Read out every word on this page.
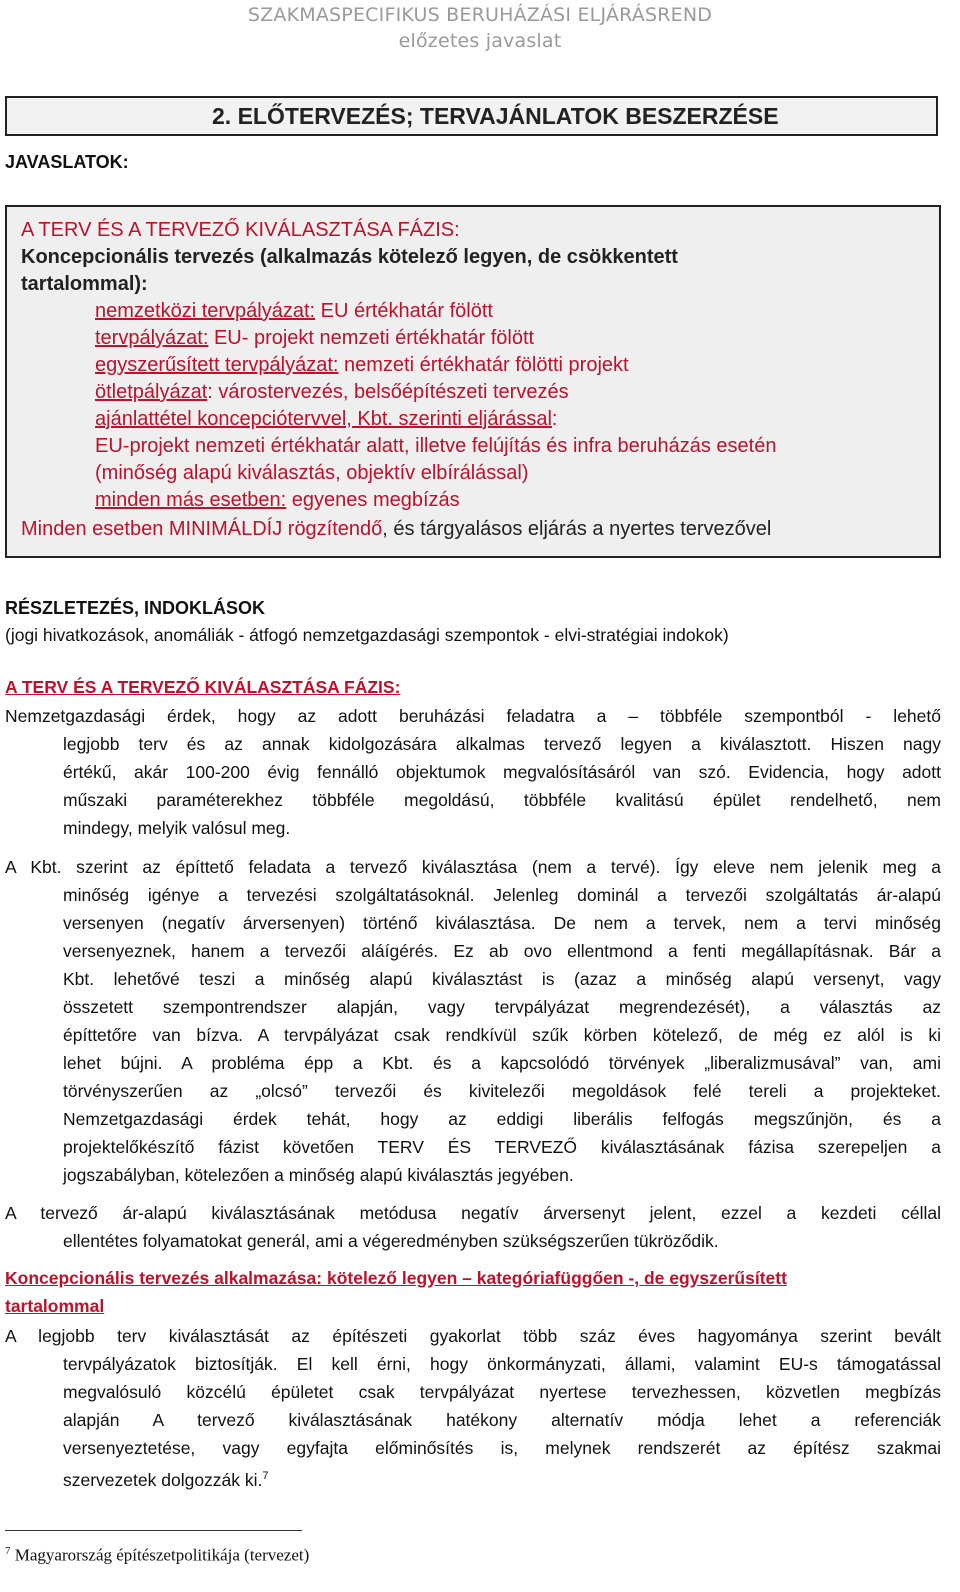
SZAKMASPECIFIKUS BERUHÁZÁSI ELJÁRÁSREND
előzetes javaslat
2. ELŐTERVEZÉS; TERVAJÁNLATOK BESZERZÉSE
JAVASLATOK:
A TERV ÉS A TERVEZŐ KIVÁLASZTÁSA FÁZIS:
Koncepcionális tervezés (alkalmazás kötelező legyen, de csökkentett
tartalommal):
nemzetközi tervpályázat: EU értékhatár fölött
tervpályázat: EU- projekt nemzeti értékhatár fölött
egyszerűsített tervpályázat: nemzeti értékhatár fölötti projekt
ötletpályázat: várostervezés, belsőépítészeti tervezés
ajánlattétel koncepciótervvel, Kbt. szerinti eljárással:
EU-projekt nemzeti értékhatár alatt, illetve felújítás és infra beruházás esetén
(minőség alapú kiválasztás, objektív elbírálással)
minden más esetben: egyenes megbízás
Minden esetben MINIMÁLDÍJ rögzítendő, és tárgyalásos eljárás a nyertes tervezővel
RÉSZLETEZÉS, INDOKLÁSOK
(jogi hivatkozások, anomáliák - átfogó nemzetgazdasági szempontok - elvi-stratégiai indokok)
A TERV ÉS A TERVEZŐ KIVÁLASZTÁSA FÁZIS:
Nemzetgazdasági érdek, hogy az adott beruházási feladatra a – többféle szempontból - lehető
legjobb terv és az annak kidolgozására alkalmas tervező legyen a kiválasztott. Hiszen nagy
értékű, akár 100-200 évig fennálló objektumok megvalósításáról van szó. Evidencia, hogy adott
műszaki paraméterekhez többféle megoldású, többféle kvalitású épület rendelhető, nem
mindegy, melyik valósul meg.
A Kbt. szerint az építtető feladata a tervező kiválasztása (nem a tervé). Így eleve nem jelenik meg a
minőség igénye a tervezési szolgáltatásoknál. Jelenleg dominál a tervezői szolgáltatás ár-alapú
versenyen (negatív árversenyen) történő kiválasztása. De nem a tervek, nem a tervi minőség
versenyeznek, hanem a tervezői aláígérés. Ez ab ovo ellentmond a fenti megállapításnak. Bár a
Kbt. lehetővé teszi a minőség alapú kiválasztást is (azaz a minőség alapú versenyt, vagy
összetett szempontrendszer alapján, vagy tervpályázat megrendezését), a választás az
építtetőre van bízva. A tervpályázat csak rendkívül szűk körben kötelező, de még ez alól is ki
lehet bújni. A probléma épp a Kbt. és a kapcsolódó törvények „liberalizmusával” van, ami
törvényszerűen az „olcsó” tervezői és kivitelezői megoldások felé tereli a projekteket.
Nemzetgazdasági érdek tehát, hogy az eddigi liberális felfogás megszűnjön, és a
projektelőkészítő fázist követően TERV ÉS TERVEZŐ kiválasztásának fázisa szerepeljen a
jogszabályban, kötelezően a minőség alapú kiválasztás jegyében.
A tervező ár-alapú kiválasztásának metódusa negatív árversenyt jelent, ezzel a kezdeti céllal
ellentétes folyamatokat generál, ami a végeredményben szükségszerűen tükröződik.
Koncepcionális tervezés alkalmazása: kötelező legyen – kategóriafüggően -, de egyszerűsített
tartalommal
A legjobb terv kiválasztását az építészeti gyakorlat több száz éves hagyománya szerint bevált
tervpályázatok biztosítják. El kell érni, hogy önkormányzati, állami, valamint EU-s támogatással
megvalósuló közcélú épületet csak tervpályázat nyertese tervezhessen, közvetlen megbízás
alapján A tervező kiválasztásának hatékony alternatív módja lehet a referenciák
versenyeztetése, vagy egyfajta előminősítés is, melynek rendszerét az építész szakmai
szervezetek dolgozzák ki.$^7$
$^7$ Magyarország építészetpolitikája (tervezet)
